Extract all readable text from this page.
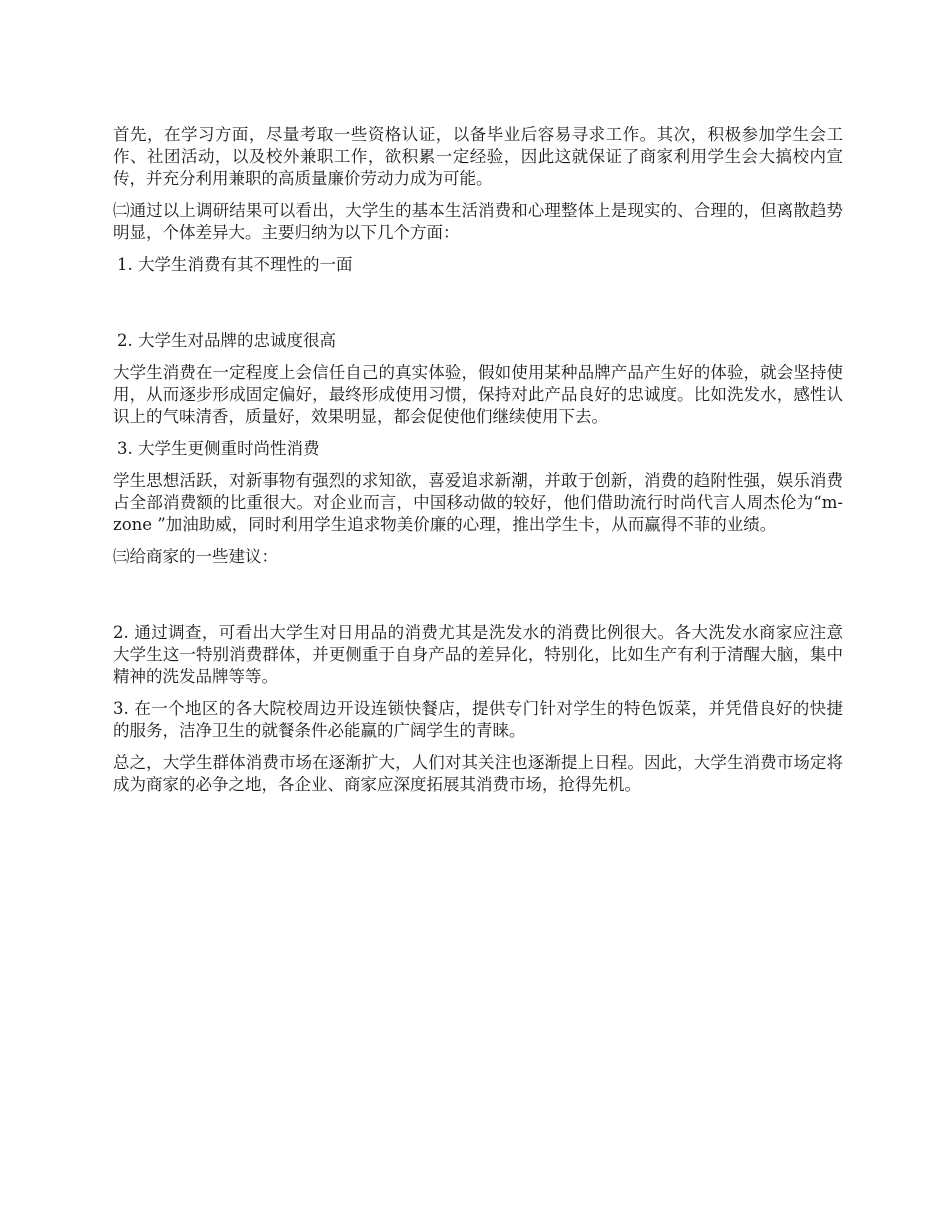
首先，在学习方面，尽量考取一些资格认证，以备毕业后容易寻求工作。其次，积极参加学生会工作、社团活动，以及校外兼职工作，欲积累一定经验，因此这就保证了商家利用学生会大搞校内宣传，并充分利用兼职的高质量廉价劳动力成为可能。

㈡通过以上调研结果可以看出，大学生的基本生活消费和心理整体上是现实的、合理的，但离散趋势明显，个体差异大。主要归纳为以下几个方面：

1. 大学生消费有其不理性的一面

2. 大学生对品牌的忠诚度很高

大学生消费在一定程度上会信任自己的真实体验，假如使用某种品牌产品产生好的体验，就会坚持使用，从而逐步形成固定偏好，最终形成使用习惯，保持对此产品良好的忠诚度。比如洗发水，感性认识上的气味清香，质量好，效果明显，都会促使他们继续使用下去。

3. 大学生更侧重时尚性消费

学生思想活跃，对新事物有强烈的求知欲，喜爱追求新潮，并敢于创新，消费的趋附性强，娱乐消费占全部消费额的比重很大。对企业而言，中国移动做的较好，他们借助流行时尚代言人周杰伦为“m-zone ”加油助威，同时利用学生追求物美价廉的心理，推出学生卡，从而赢得不菲的业绩。

㈢给商家的一些建议：

2. 通过调查，可看出大学生对日用品的消费尤其是洗发水的消费比例很大。各大洗发水商家应注意大学生这一特别消费群体，并更侧重于自身产品的差异化，特别化，比如生产有利于清醒大脑，集中精神的洗发品牌等等。

3. 在一个地区的各大院校周边开设连锁快餐店，提供专门针对学生的特色饭菜，并凭借良好的快捷的服务，洁净卫生的就餐条件必能赢的广阔学生的青睐。

总之，大学生群体消费市场在逐渐扩大，人们对其关注也逐渐提上日程。因此，大学生消费市场定将成为商家的必争之地，各企业、商家应深度拓展其消费市场，抢得先机。
